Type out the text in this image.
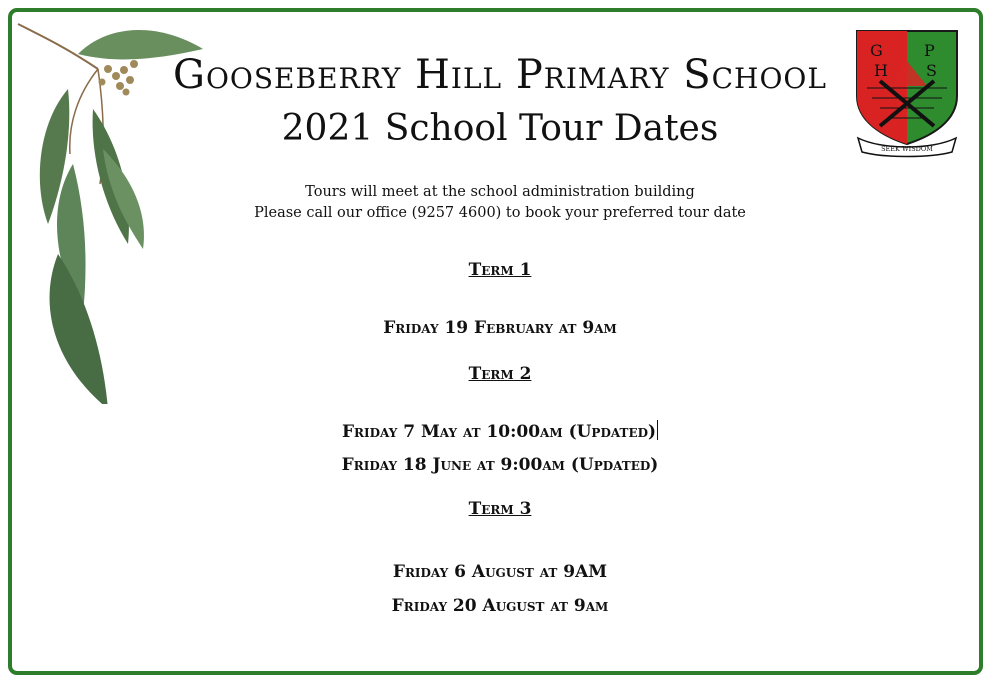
G	P
H S
SEEK WISDOM
Gooseberry Hill Primary School
2021 School Tour Dates
Tours will meet at the school administration building
Please call our office (9257 4600) to book your preferred tour date
Term 1
Friday 19 February at 9am
Term 2
Friday 7 May at 10:00am (Updated)
Friday 18 June at 9:00am (Updated)
Term 3
Friday 6 August at 9AM
Friday 20 August at 9am
